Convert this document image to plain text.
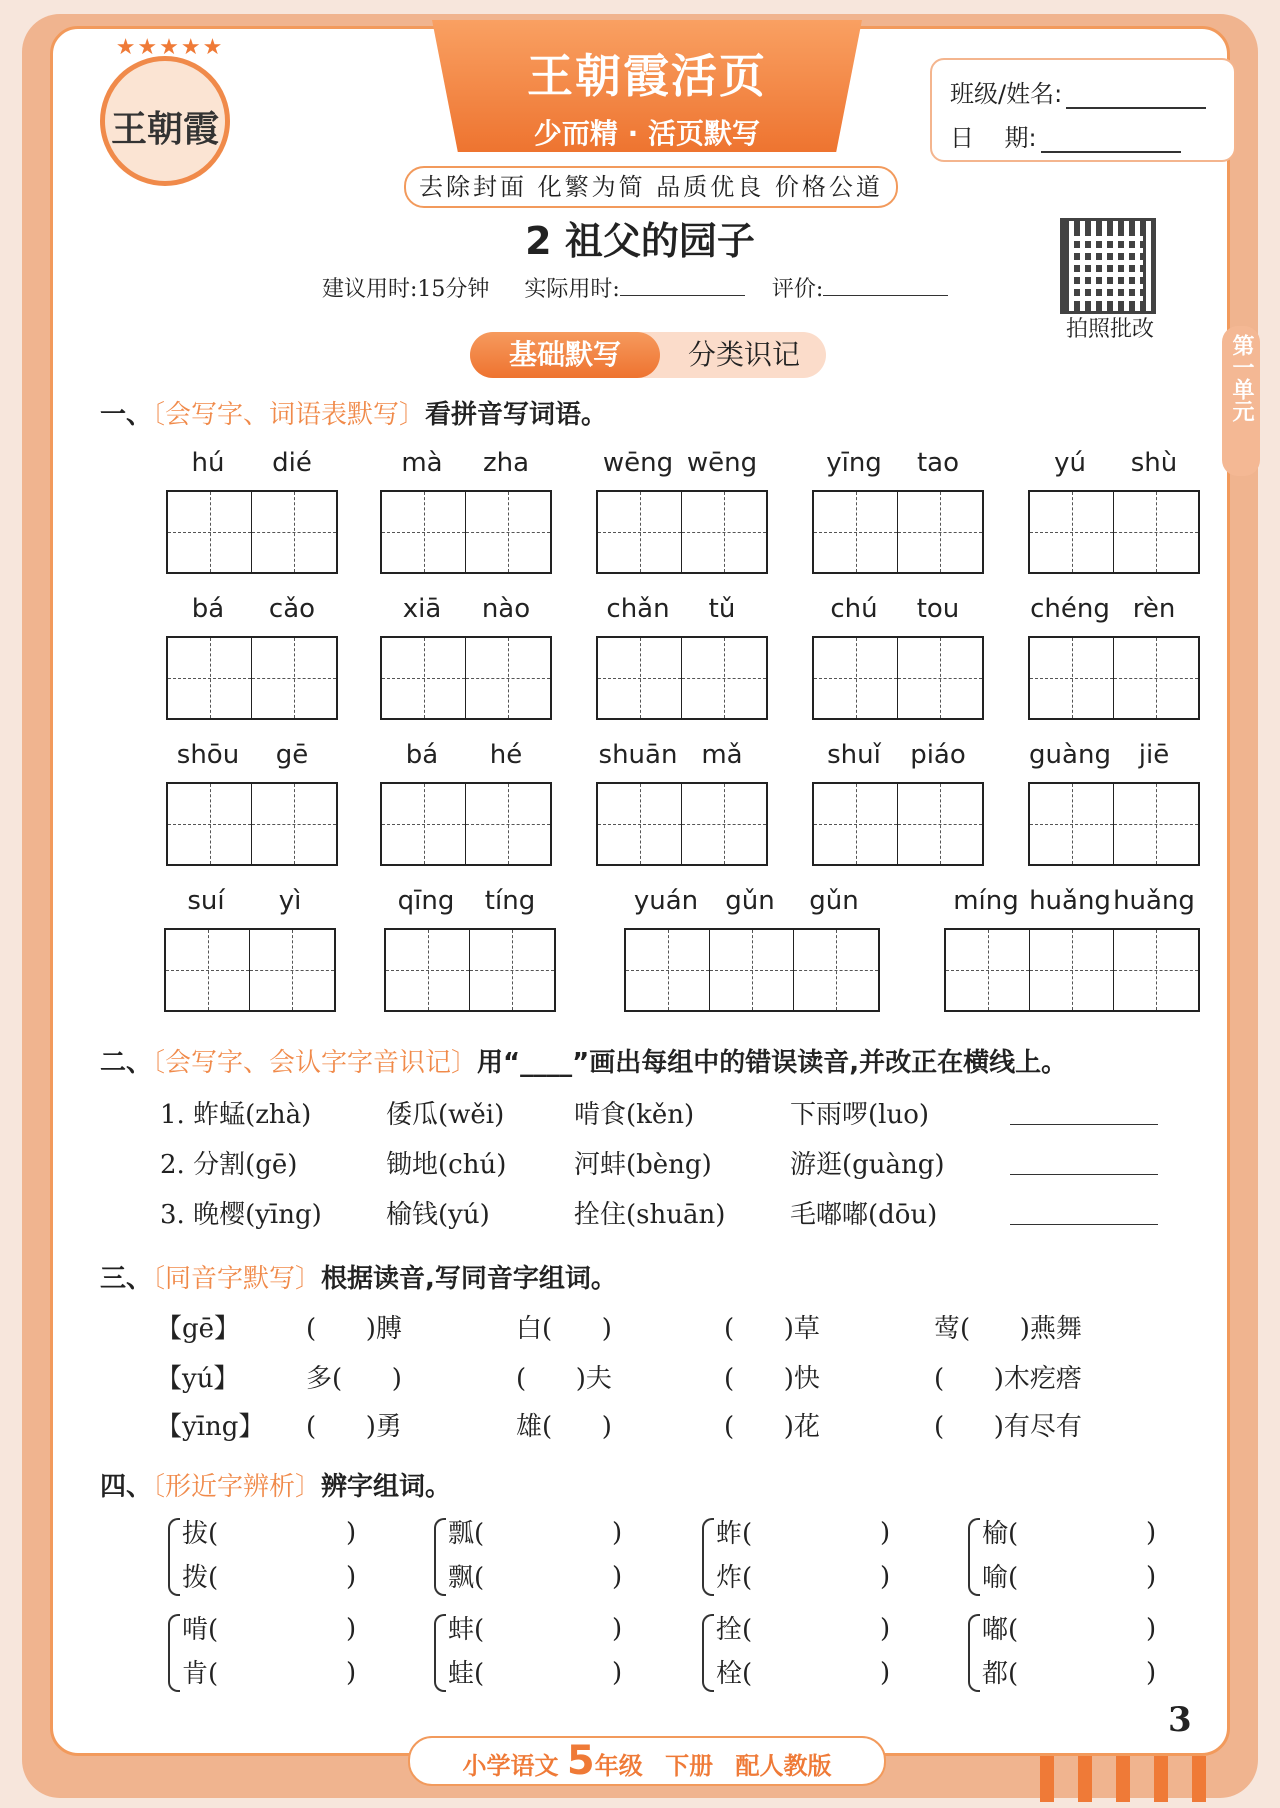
★★★★★
王朝霞
王朝霞活页
少而精 · 活页默写
去除封面 化繁为简 品质优良 价格公道
班级/姓名:
日    期:
2 祖父的园子
建议用时:15分钟 实际用时:	评价:
拍照批改
第一单元
基础默写	分类识记
一、〔会写字、词语表默写〕看拼音写词语。
hú	dié	mà	zha	wēng wēng	yīng	tao	yú	shù
bá	cǎo	xiā	nào	chǎn	tǔ	chú	tou	chéng rèn
shōu	gē	bá	hé	shuān mǎ	shuǐ	piáo	guàng	jiē
suí	yì	qīng	tíng	yuán	gǔn	gǔn	míng huǎng huǎng
二、〔会写字、会认字字音识记〕用“____”画出每组中的错误读音,并改正在横线上。
1. 蚱蜢(zhà)	倭瓜(wěi)	啃食(kěn)	下雨啰(luo)
2. 分割(gē)	锄地(chú)	河蚌(bèng)	游逛(guàng)
3. 晚樱(yīng) 榆钱(yú)	拴住(shuān) 毛嘟嘟(dōu)
三、〔同音字默写〕根据读音,写同音字组词。
【gē】	(      )膊	白(      )	(      )草	莺(      )燕舞
【yú】	多(      )	(      )夫	(      )快	(      )木疙瘩
【yīng】 (      )勇	雄(      )	(      )花	(      )有尽有
四、〔形近字辨析〕辨字组词。
拔(
拨(
)
)
瓢(
飘(
)
)
蚱(
炸(
)
)
榆(
喻(
)
)
啃(
肯(
)
)
蚌(
蛙(
)
)
拴(
栓(
)
)
嘟(
都(
)
)
3
小学语文 5年级 下册 配人教版
